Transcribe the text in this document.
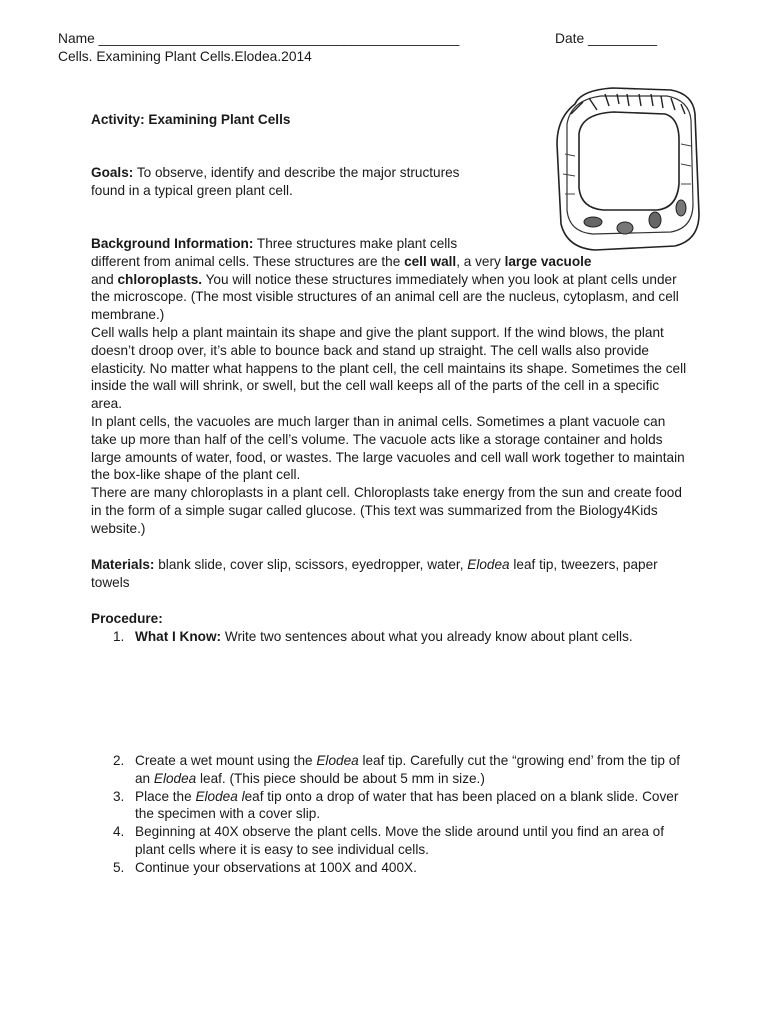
Name _______________________________________________	Date _________
Cells. Examining Plant Cells.Elodea.2014
Activity: Examining Plant Cells
Goals: To observe, identify and describe the major structures
found in a typical green plant cell.
Background Information: Three structures make plant cells
different from animal cells. These structures are the cell wall, a very large vacuole
and chloroplasts. You will notice these structures immediately when you look at plant cells under the microscope. (The most visible structures of an animal cell are the nucleus, cytoplasm, and cell membrane.)
Cell walls help a plant maintain its shape and give the plant support. If the wind blows, the plant doesn’t droop over, it’s able to bounce back and stand up straight. The cell walls also provide elasticity. No matter what happens to the plant cell, the cell maintains its shape. Sometimes the cell inside the wall will shrink, or swell, but the cell wall keeps all of the parts of the cell in a specific area.
In plant cells, the vacuoles are much larger than in animal cells. Sometimes a plant vacuole can take up more than half of the cell’s volume. The vacuole acts like a storage container and holds large amounts of water, food, or wastes. The large vacuoles and cell wall work together to maintain the box-like shape of the plant cell.
There are many chloroplasts in a plant cell. Chloroplasts take energy from the sun and create food in the form of a simple sugar called glucose. (This text was summarized from the Biology4Kids website.)
Materials: blank slide, cover slip, scissors, eyedropper, water, Elodea leaf tip, tweezers, paper towels
Procedure:
1. What I Know: Write two sentences about what you already know about plant cells.
2. Create a wet mount using the Elodea leaf tip. Carefully cut the “growing end’ from the tip of an Elodea leaf. (This piece should be about 5 mm in size.)
3. Place the Elodea leaf tip onto a drop of water that has been placed on a blank slide. Cover the specimen with a cover slip.
4. Beginning at 40X observe the plant cells. Move the slide around until you find an area of plant cells where it is easy to see individual cells.
5. Continue your observations at 100X and 400X.
